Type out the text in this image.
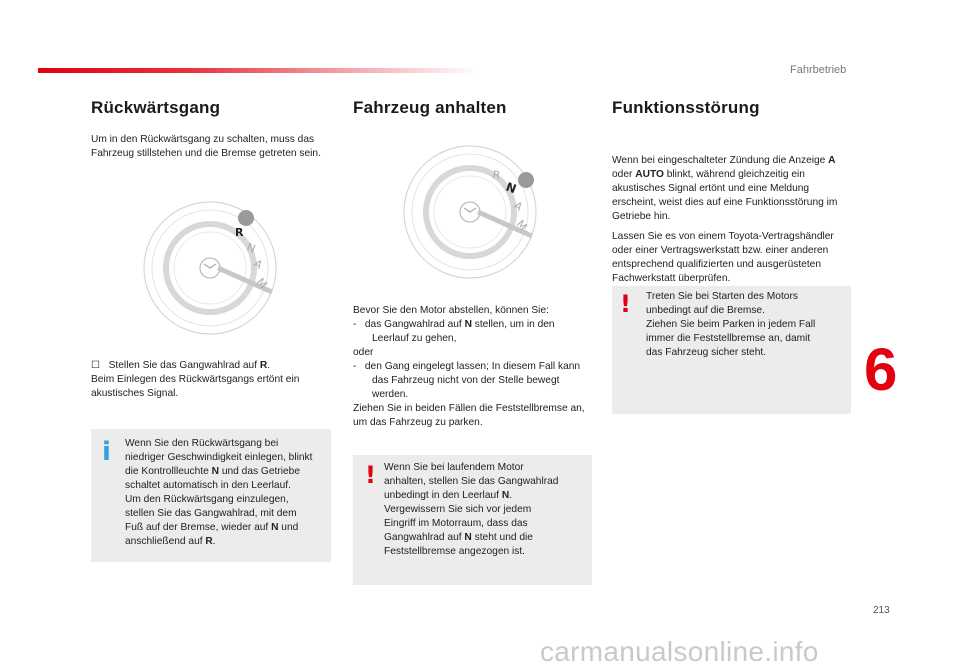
Fahrbetrieb
Rückwärtsgang
Um in den Rückwärtsgang zu schalten, muss das Fahrzeug stillstehen und die Bremse getreten sein.
R
N
A
M

☐ Stellen Sie das Gangwahlrad auf R.

Beim Einlegen des Rückwärtsgangs ertönt ein akustisches Signal.

i Wenn Sie den Rückwärtsgang bei

niedriger Geschwindigkeit einlegen, blinkt

die Kontrollleuchte N und das Getriebe

schaltet automatisch in den Leerlauf.

Um den Rückwärtsgang einzulegen,

stellen Sie das Gangwahlrad, mit dem

Fuß auf der Bremse, wieder auf N und

anschließend auf R.

Fahrzeug anhalten
R
N
A
M

Bevor Sie den Motor abstellen, können Sie:

-   das Gangwahlrad auf N stellen, um in den Leerlauf zu gehen,

oder

-   den Gang eingelegt lassen; In diesem Fall kann das Fahrzeug nicht von der Stelle bewegt werden.

Ziehen Sie in beiden Fällen die Feststellbremse an, um das Fahrzeug zu parken.

! Wenn Sie bei laufendem Motor

anhalten, stellen Sie das Gangwahlrad

unbedingt in den Leerlauf N.

Vergewissern Sie sich vor jedem

Eingriff im Motorraum, dass das

Gangwahlrad auf N steht und die

Feststellbremse angezogen ist.

Funktionsstörung

Wenn bei eingeschalteter Zündung die Anzeige A oder AUTO blinkt, während gleichzeitig ein akustisches Signal ertönt und eine Meldung erscheint, weist dies auf eine Funktionsstörung im Getriebe hin.

Lassen Sie es von einem Toyota-Vertragshändler oder einer Vertragswerkstatt bzw. einer anderen entsprechend qualifizierten und ausgerüsteten Fachwerkstatt überprüfen.

! Treten Sie bei Starten des Motors

unbedingt auf die Bremse.

Ziehen Sie beim Parken in jedem Fall

immer die Feststellbremse an, damit

das Fahrzeug sicher steht.	6
213
carmanualsonline.info
